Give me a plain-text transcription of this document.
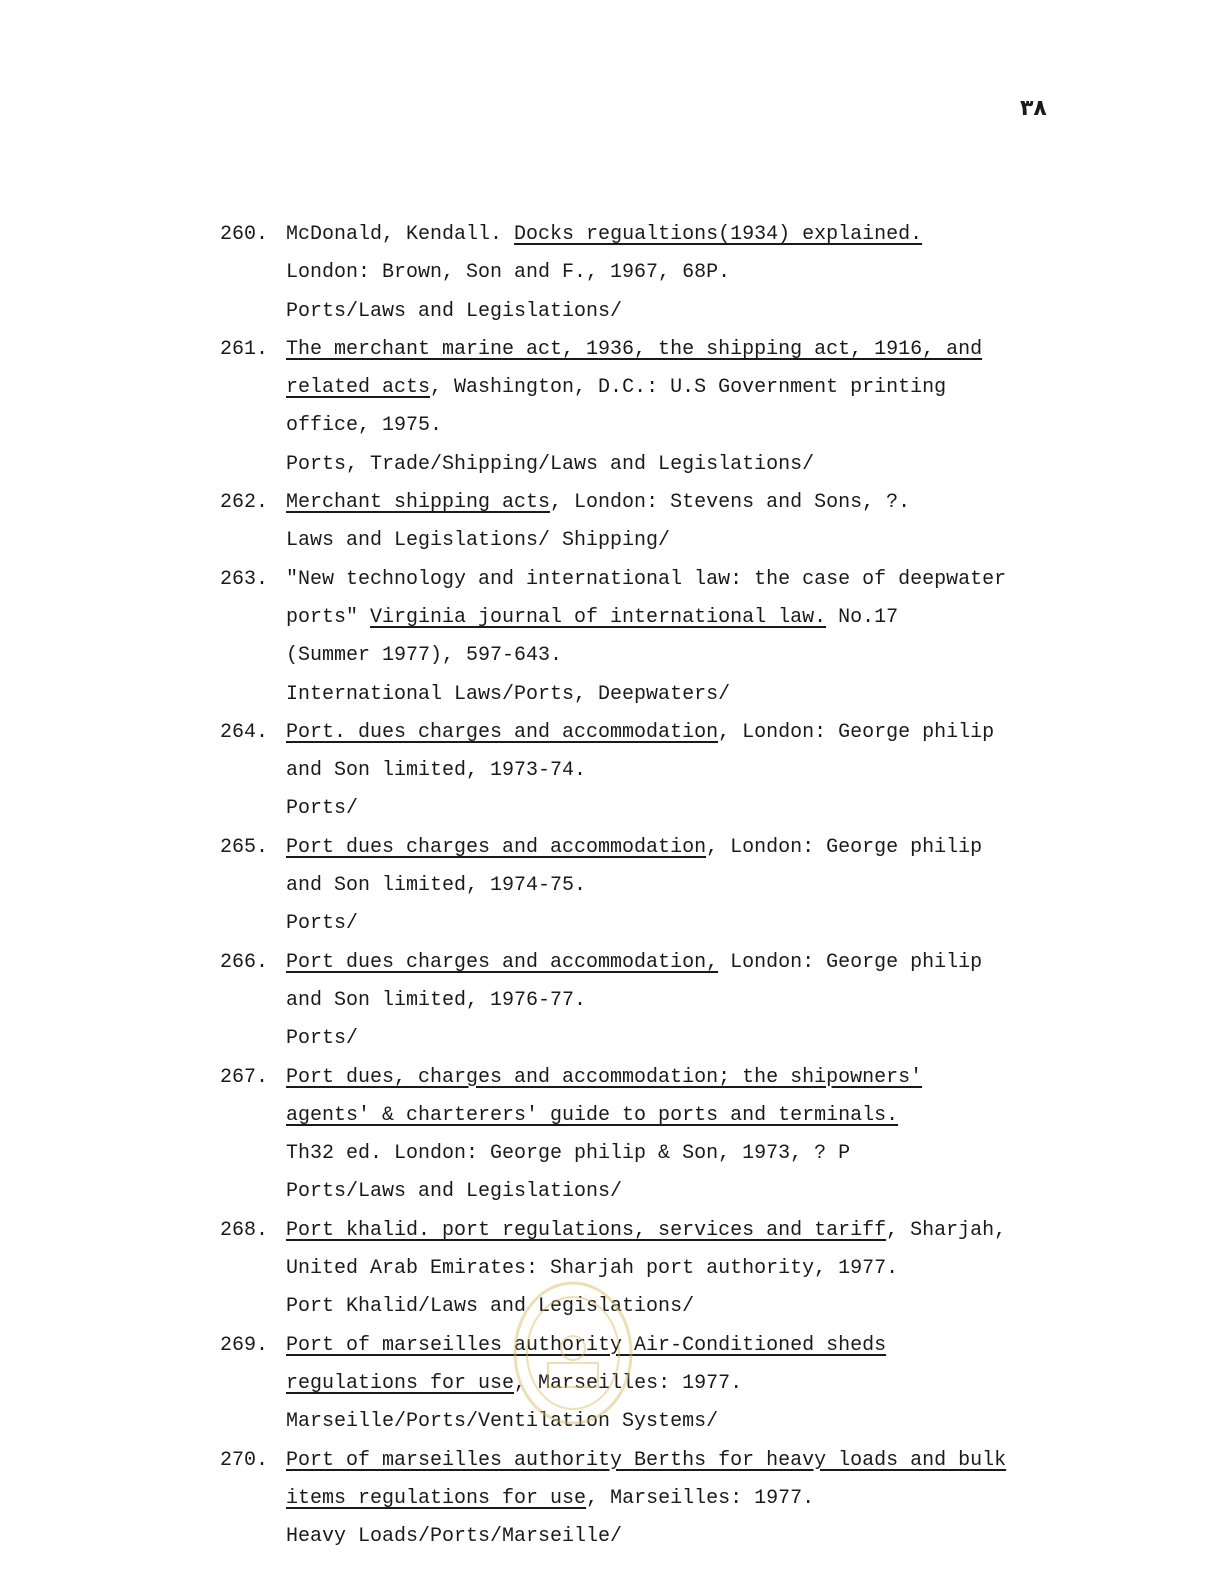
٣٨
260. McDonald, Kendall. Docks regualtions(1934) explained.
London: Brown, Son and F., 1967, 68P.
Ports/Laws and Legislations/
261. The merchant marine act, 1936, the shipping act, 1916, and
related acts, Washington, D.C.: U.S Government printing
office, 1975.
Ports, Trade/Shipping/Laws and Legislations/
262. Merchant shipping acts, London: Stevens and Sons, ?.
Laws and Legislations/ Shipping/
263. "New technology and international law: the case of deepwater
ports" Virginia journal of international law. No.17
(Summer 1977), 597-643.
International Laws/Ports, Deepwaters/
264. Port. dues charges and accommodation, London: George philip
and Son limited, 1973-74.
Ports/
265. Port dues charges and accommodation, London: George philip
and Son limited, 1974-75.
Ports/
266. Port dues charges and accommodation, London: George philip
and Son limited, 1976-77.
Ports/
267. Port dues, charges and accommodation; the shipowners'
agents' & charterers' guide to ports and terminals.
Th32 ed. London: George philip & Son, 1973, ? P
Ports/Laws and Legislations/
268. Port khalid. port regulations, services and tariff, Sharjah,
United Arab Emirates: Sharjah port authority, 1977.
Port Khalid/Laws and Legislations/
269. Port of marseilles authority Air-Conditioned sheds
regulations for use, Marseilles: 1977.
Marseille/Ports/Ventilation Systems/
270. Port of marseilles authority Berths for heavy loads and bulk
items regulations for use, Marseilles: 1977.
Heavy Loads/Ports/Marseille/
